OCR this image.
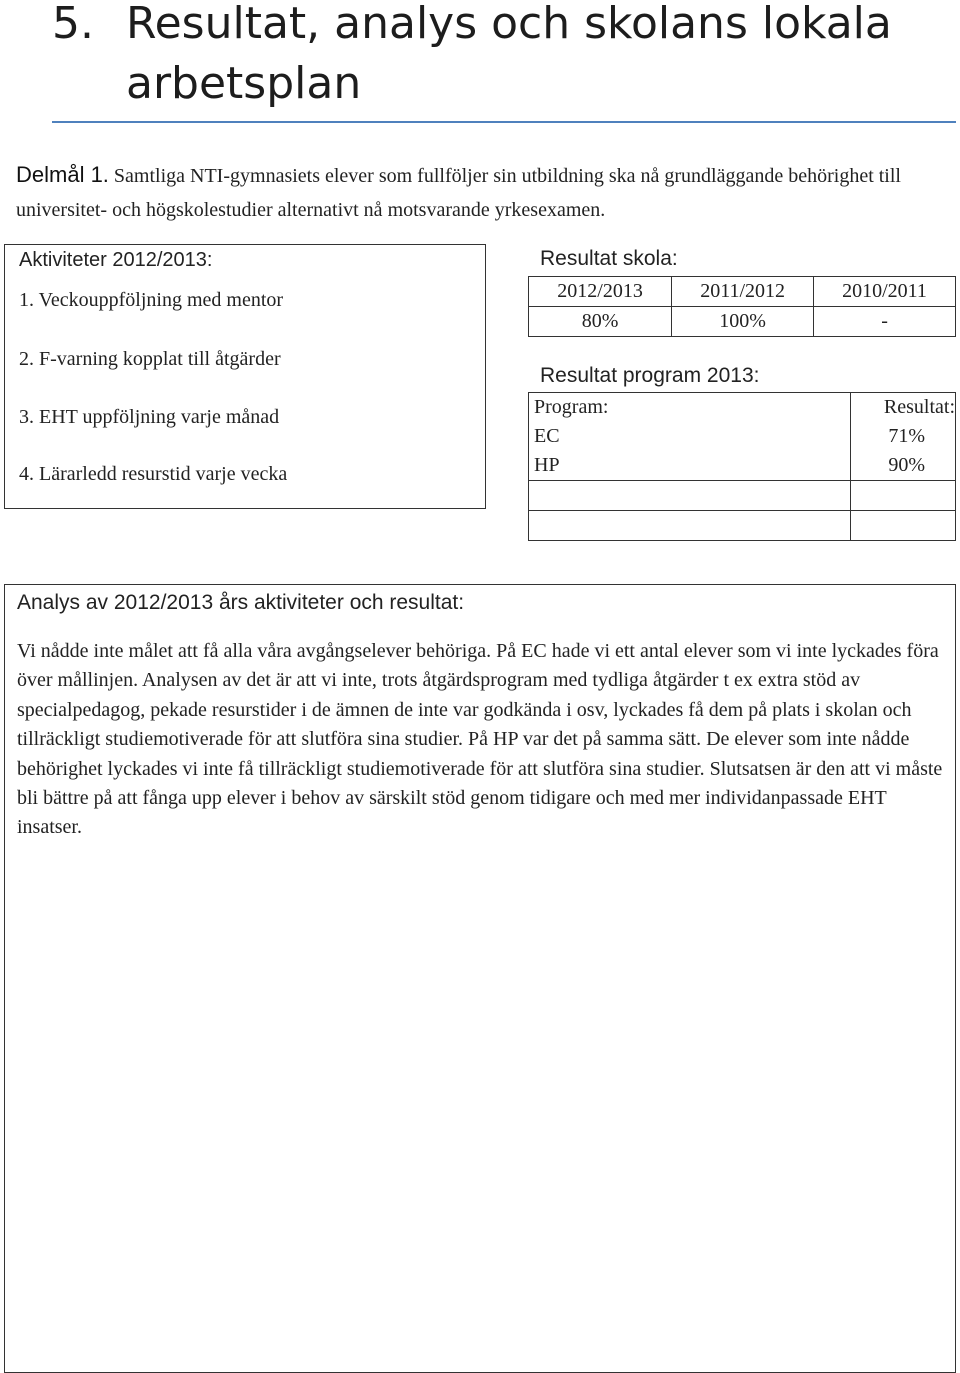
5. Resultat, analys och skolans lokala
arbetsplan
Delmål 1. Samtliga NTI-gymnasiets elever som fullföljer sin utbildning ska nå grundläggande behörighet till universitet- och högskolestudier alternativt nå motsvarande yrkesexamen.
Aktiviteter 2012/2013:
1. Veckouppföljning med mentor
2. F-varning kopplat till åtgärder
3. EHT uppföljning varje månad
4. Lärarledd resurstid varje vecka
Resultat skola:
2012/2013	2011/2012	2010/2011
80%	100%	-
Resultat program 2013:
Program:	Resultat:
EC	71%
HP	90%

Analys av 2012/2013 års aktiviteter och resultat:
Vi nådde inte målet att få alla våra avgångselever behöriga. På EC hade vi ett antal elever som vi inte lyckades föra över mållinjen. Analysen av det är att vi inte, trots åtgärdsprogram med tydliga åtgärder t ex extra stöd av specialpedagog, pekade resurstider i de ämnen de inte var godkända i osv, lyckades få dem på plats i skolan och tillräckligt studiemotiverade för att slutföra sina studier. På HP var det på samma sätt. De elever som inte nådde behörighet lyckades vi inte få tillräckligt studiemotiverade för att slutföra sina studier. Slutsatsen är den att vi måste bli bättre på att fånga upp elever i behov av särskilt stöd genom tidigare och med mer individanpassade EHT insatser.
